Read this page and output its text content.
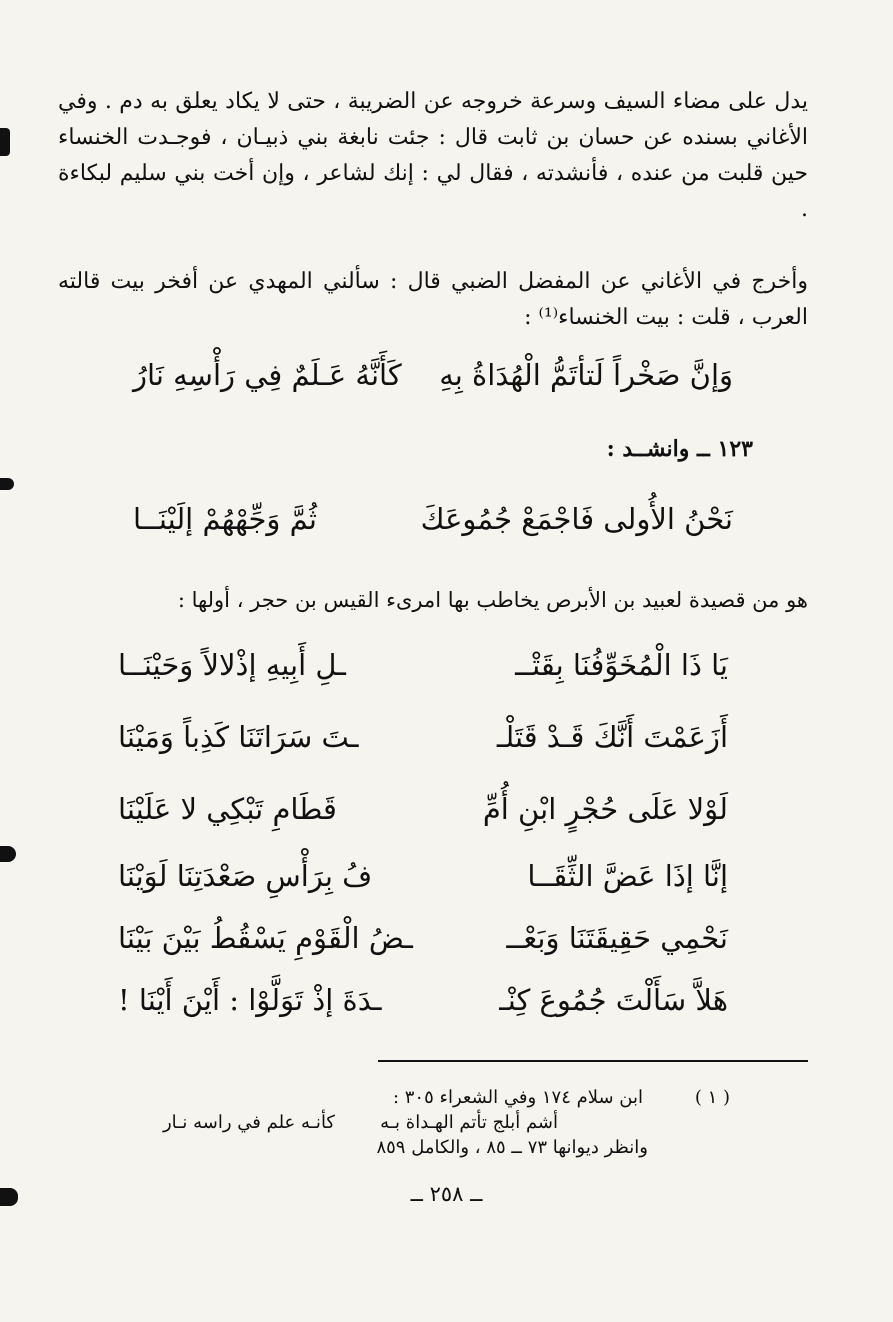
يدل على مضاء السيف وسرعة خروجه عن الضريبة ، حتى لا يكاد يعلق به دم . وفي الأغاني بسنده عن حسان بن ثابت قال : جئت نابغة بني ذبيـان ، فوجـدت الخنساء حين قلبت من عنده ، فأنشدته ، فقال لي : إنك لشاعر ، وإن أخت بني سليم لبكاءة .
وأخرج في الأغاني عن المفضل الضبي قال : سألني المهدي عن أفخر بيت قالته العرب ، قلت : بيت الخنساء⁽¹⁾ :
وَإنَّ صَخْراً لَتأتَمُّ الْهُدَاةُ بِهِ
كَأَنَّهُ عَـلَمٌ فِي رَأْسِهِ نَارُ
١٢٣ ــ وانشــد :
نَحْنُ الأُولى فَاجْمَعْ جُمُوعَكَ
ثُمَّ وَجِّهْهُمْ إلَيْنَــا
هو من قصيدة لعبيد بن الأبرص يخاطب بها امرىء القيس بن حجر ، أولها :
يَا ذَا الْمُخَوِّفُنَا بِقَتْــ
ـلِ أَبِيهِ إذْلالاً وَحَيْنَــا
أَزَعَمْتَ أَنَّكَ قَـدْ قَتَلْـ
ـتَ سَرَاتَنَا كَذِباً وَمَيْنَا
لَوْلا عَلَى حُجْرٍ ابْنِ أُمِّ
قَطَامِ تَبْكِي لا عَلَيْنَا
إنَّا إذَا عَضَّ الثِّقَــا
فُ بِرَأْسِ صَعْدَتِنَا لَوَيْنَا
نَحْمِي حَقِيقَتَنَا وَبَعْــ
ـضُ الْقَوْمِ يَسْقُطُ بَيْنَ بَيْنَا
هَلاَّ سَأَلْتَ جُمُوعَ كِنْـ
ـدَةَ إذْ تَوَلَّوْا : أَيْنَ أَيْنَا !
( ١ )
ابن سلام ١٧٤ وفي الشعراء ٣٠٥ :
أشم أبلج تأتم الهـداة بـه
كأنـه علم في راسه نـار
وانظر ديوانها ٧٣ ــ ٨٥ ، والكامل ٨٥٩
ــ ٢٥٨ ــ
